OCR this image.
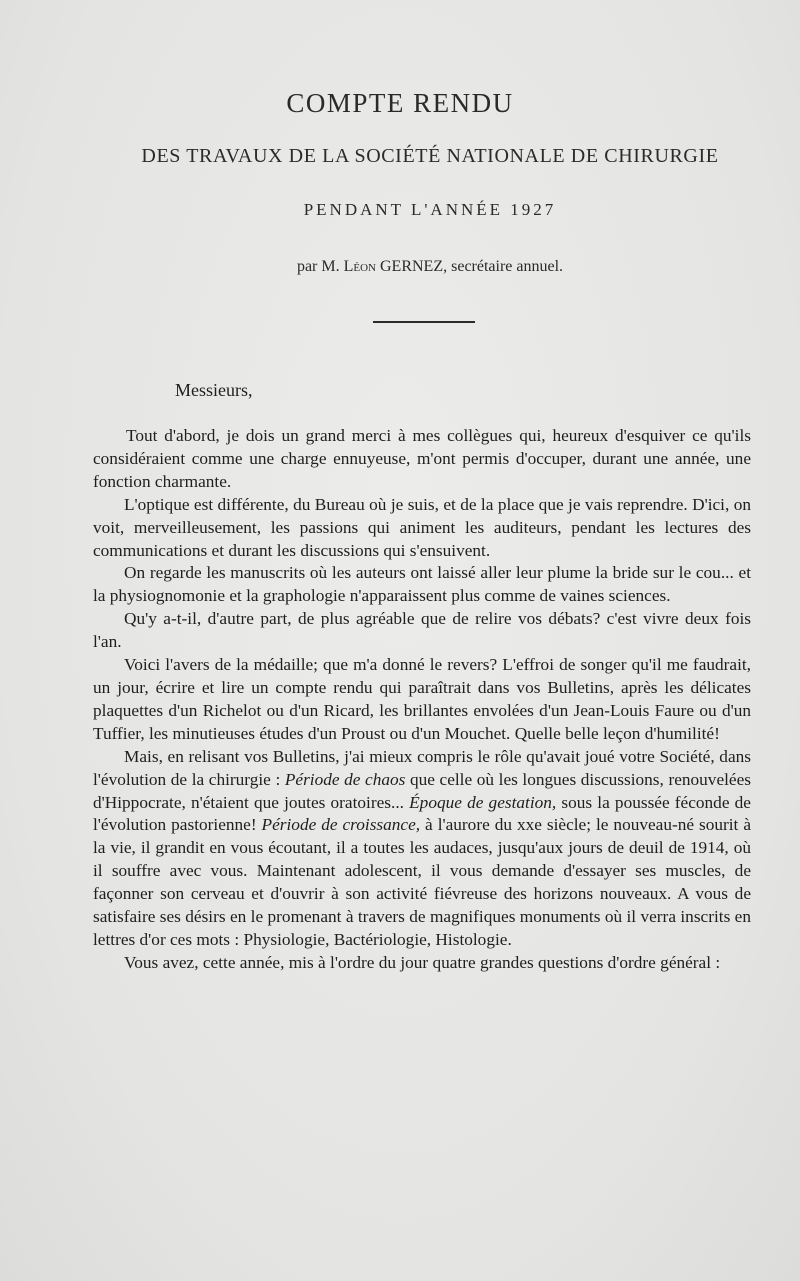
COMPTE RENDU
DES TRAVAUX DE LA SOCIÉTÉ NATIONALE DE CHIRURGIE
PENDANT L'ANNÉE 1927
par M. Léon GERNEZ, secrétaire annuel.
Messieurs,

Tout d'abord, je dois un grand merci à mes collègues qui, heureux d'esquiver ce qu'ils considéraient comme une charge ennuyeuse, m'ont permis d'occuper, durant une année, une fonction charmante.

L'optique est différente, du Bureau où je suis, et de la place que je vais reprendre. D'ici, on voit, merveilleusement, les passions qui animent les auditeurs, pendant les lectures des communications et durant les discussions qui s'ensuivent.

On regarde les manuscrits où les auteurs ont laissé aller leur plume la bride sur le cou... et la physiognomonie et la graphologie n'apparaissent plus comme de vaines sciences.

Qu'y a-t-il, d'autre part, de plus agréable que de relire vos débats? c'est vivre deux fois l'an.

Voici l'avers de la médaille; que m'a donné le revers? L'effroi de songer qu'il me faudrait, un jour, écrire et lire un compte rendu qui paraîtrait dans vos Bulletins, après les délicates plaquettes d'un Richelot ou d'un Ricard, les brillantes envolées d'un Jean-Louis Faure ou d'un Tuffier, les minutieuses études d'un Proust ou d'un Mouchet. Quelle belle leçon d'humilité!

Mais, en relisant vos Bulletins, j'ai mieux compris le rôle qu'avait joué votre Société, dans l'évolution de la chirurgie : Période de chaos que celle où les longues discussions, renouvelées d'Hippocrate, n'étaient que joutes oratoires... Époque de gestation, sous la poussée féconde de l'évolution pastorienne! Période de croissance, à l'aurore du xxe siècle; le nouveau-né sourit à la vie, il grandit en vous écoutant, il a toutes les audaces, jusqu'aux jours de deuil de 1914, où il souffre avec vous. Maintenant adolescent, il vous demande d'essayer ses muscles, de façonner son cerveau et d'ouvrir à son activité fiévreuse des horizons nouveaux. A vous de satisfaire ses désirs en le promenant à travers de magnifiques monuments où il verra inscrits en lettres d'or ces mots : Physiologie, Bactériologie, Histologie.

Vous avez, cette année, mis à l'ordre du jour quatre grandes questions d'ordre général :
